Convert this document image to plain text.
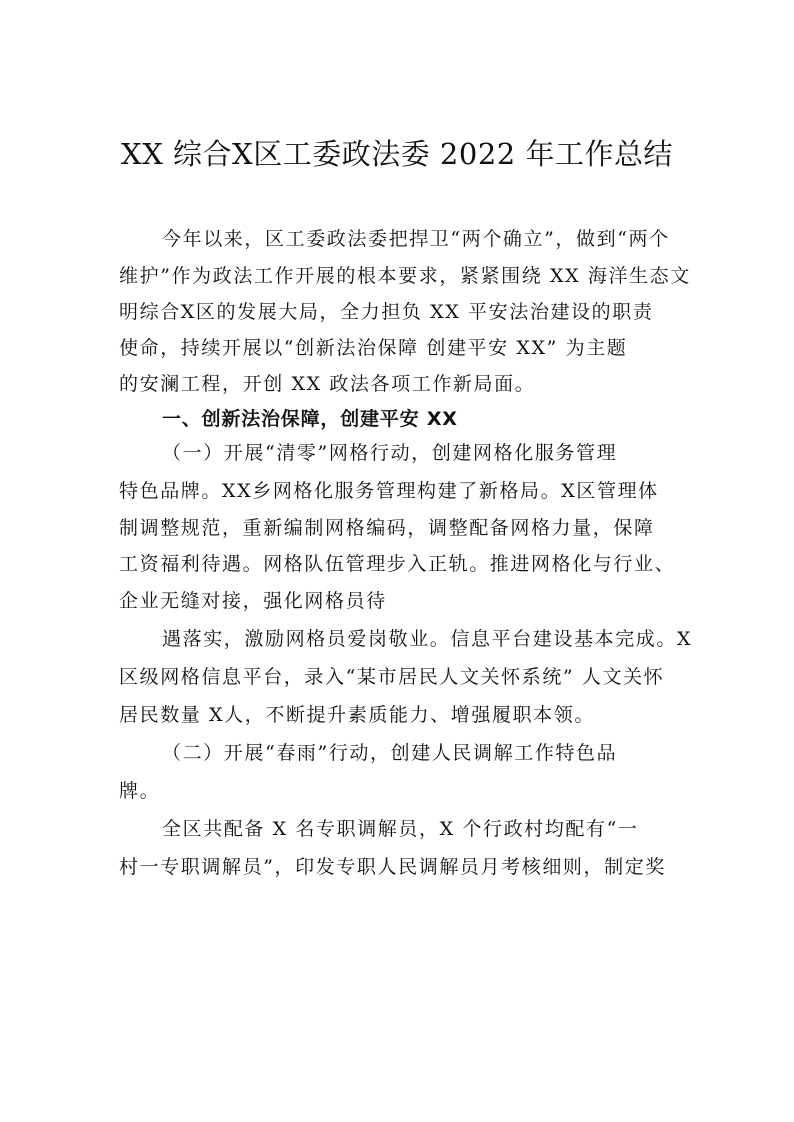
XX 综合X区工委政法委 2022 年工作总结
今年以来，区工委政法委把捍卫“两个确立”，做到“两个
维护”作为政法工作开展的根本要求，紧紧围绕 XX 海洋生态文
明综合X区的发展大局，全力担负 XX 平安法治建设的职责
使命，持续开展以“创新法治保障 创建平安 XX” 为主题
的安澜工程，开创 XX 政法各项工作新局面。
一、创新法治保障，创建平安 XX
（一）开展“清零”网格行动，创建网格化服务管理
特色品牌。XX乡网格化服务管理构建了新格局。X区管理体
制调整规范，重新编制网格编码，调整配备网格力量，保障
工资福利待遇。网格队伍管理步入正轨。推进网格化与行业、
企业无缝对接，强化网格员待
遇落实，激励网格员爱岗敬业。信息平台建设基本完成。X
区级网格信息平台，录入“某市居民人文关怀系统” 人文关怀
居民数量 X人，不断提升素质能力、增强履职本领。
（二）开展“春雨”行动，创建人民调解工作特色品
牌。
全区共配备 X 名专职调解员，X 个行政村均配有“一
村一专职调解员”，印发专职人民调解员月考核细则，制定奖
